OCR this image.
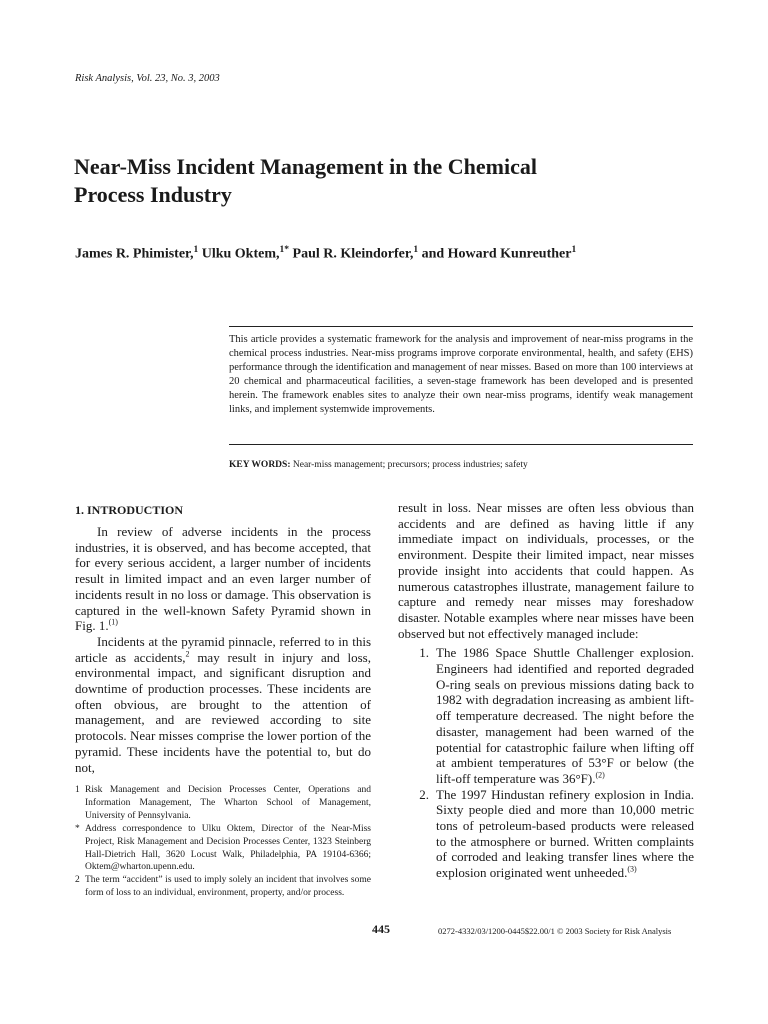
Risk Analysis, Vol. 23, No. 3, 2003
Near-Miss Incident Management in the Chemical
Process Industry
James R. Phimister,$^1$ Ulku Oktem,$^{1*}$ Paul R. Kleindorfer,$^1$ and Howard Kunreuther$^1$

This article provides a systematic framework for the analysis and improvement of near-miss programs in the chemical process industries. Near-miss programs improve corporate environmental, health, and safety (EHS) performance through the identification and management of near misses. Based on more than 100 interviews at 20 chemical and pharmaceutical facilities, a seven-stage framework has been developed and is presented herein. The framework enables sites to analyze their own near-miss programs, identify weak management links, and implement systemwide improvements.

KEY WORDS: Near-miss management; precursors; process industries; safety
1. INTRODUCTION

In review of adverse incidents in the process industries, it is observed, and has become accepted, that for every serious accident, a larger number of incidents result in limited impact and an even larger number of incidents result in no loss or damage. This observation is captured in the well-known Safety Pyramid shown in Fig. 1.$^{(1)}$

Incidents at the pyramid pinnacle, referred to in this article as accidents,$^2$ may result in injury and loss, environmental impact, and significant disruption and downtime of production processes. These incidents are often obvious, are brought to the attention of management, and are reviewed according to site protocols. Near misses comprise the lower portion of the pyramid. These incidents have the potential to, but do not,

result in loss. Near misses are often less obvious than accidents and are defined as having little if any immediate impact on individuals, processes, or the environment. Despite their limited impact, near misses provide insight into accidents that could happen. As numerous catastrophes illustrate, management failure to capture and remedy near misses may foreshadow disaster. Notable examples where near misses have been observed but not effectively managed include:

1. The 1986 Space Shuttle Challenger explosion. Engineers had identified and reported degraded O-ring seals on previous missions dating back to 1982 with degradation increasing as ambient lift-off temperature decreased. The night before the disaster, management had been warned of the potential for catastrophic failure when lifting off at ambient temperatures of 53°F or below (the lift-off temperature was 36°F).$^{(2)}$
2. The 1997 Hindustan refinery explosion in India. Sixty people died and more than 10,000 metric tons of petroleum-based products were released to the atmosphere or burned. Written complaints of corroded and leaking transfer lines where the explosion originated went unheeded.$^{(3)}$
1 Risk Management and Decision Processes Center, Operations and Information Management, The Wharton School of Management, University of Pennsylvania.
* Address correspondence to Ulku Oktem, Director of the Near-Miss Project, Risk Management and Decision Processes Center, 1323 Steinberg Hall-Dietrich Hall, 3620 Locust Walk, Philadelphia, PA 19104-6366; Oktem@wharton.upenn.edu.
2 The term “accident” is used to imply solely an incident that involves some form of loss to an individual, environment, property, and/or process.
445	0272-4332/03/1200-0445$22.00/1 © 2003 Society for Risk Analysis
